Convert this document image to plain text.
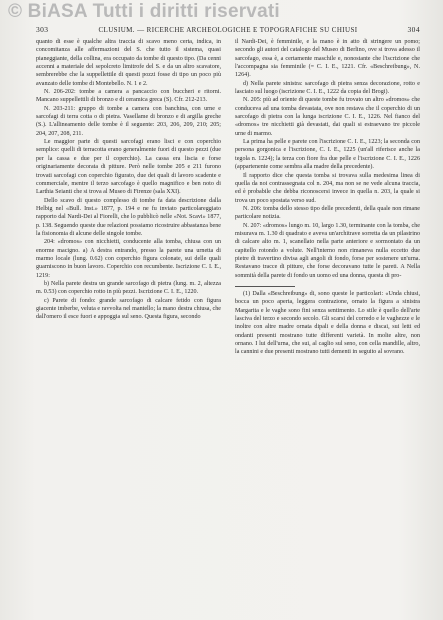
© BiASA Tutti i diritti riservati
303	CLUSIUM. — RICERCHE ARCHEOLOGICHE E TOPOGRAFICHE SU CHIUSI	304

quanto di esse è qualche altra traccia di scavo meno certa, indica, in concomitanza alle affermazioni del S. che tutto il sistema, quasi pianeggiante, della collina, era occupato da tombe di questo tipo. (Da cenni accenni a materiale del sepolcreto limitrofe del S. e da un altro scavatore, sembrerebbe che la suppellettile di questi pozzi fosse di tipo un poco più avanzato delle tombe di Montebello. N. 1 e 2.

N. 206-202: tombe a camera a pancaccio con buccheri e ritorni. Mancano suppellettili di bronzo e di ceramica greca (S). Cfr. 212-213.

N. 203-211: gruppo di tombe a camera con banchina, con urne e sarcofagi di terra cotta o di pietra. Vasellame di bronzo e di argilla greche (S.). L'allineamento delle tombe è il seguente: 203, 206, 209, 210; 205; 204, 207, 208, 211.

Le maggior parte di questi sarcofagi erano lisci e con coperchio semplice: quelli di terracotta erano generalmente fuori di questo pezzi (due per la cassa e due per il coperchio). La cassa era liscia e forse originariamente decorata di pitture. Però nelle tombe 205 e 211 furono trovati sarcofagi con coperchio figurato, due dei quali di lavoro scadente e commerciale, mentre il terzo sarcofago è quello magnifico e ben noto di Larthia Seianti che si trova al Museo di Firenze (sala XXI).

Dello scavo di questo complesso di tombe fa data descrizione dalla Helbig nel «Bull. Inst.» 1877, p. 194 e ne fu inviato particolareggiato rapporto dal Nardi-Dei al Fiorelli, che lo pubblicò nelle «Not. Scavi» 1877, p. 138. Seguendo queste due relazioni possiamo ricostruire abbastanza bene la fisionomia di alcune delle singole tombe.

204: «dromos» con nicchietti, conducente alla tomba, chiusa con un enorme macigno. a) A destra entrando, presso la parete una urnetta di marmo locale (lung. 0.62) con coperchio figura colonate, sui delle quali guarniscono in buon lavoro. Coperchio con recumbente. Iscrizione C. I. E., 1219:

b) Nella parete destra un grande sarcofago di pietra (lung. m. 2, altezza m. 0.53) con coperchio rotto in più pezzi. Iscrizione C. I. E., 1220.

c) Parete di fondo: grande sarcofago di calcare fetido con figura giacente imberbe, veluta e ravvolta nel mantello; la mano destra chiusa, che dall'omero il esce fuori e appoggia sul seno. Questa figura, secondo

il Nardi-Dei, è femminile, e la mano è in atto di stringere un pomo; secondo gli autori del catalogo del Museo di Berlino, ove si trova adesso il sarcofago, essa è, a certamente maschile e, nonostante che l'iscrizione che l'accompagna sia femminile (= C. I. E., 1221. Cfr. «Beschreibung», N. 1264).

d) Nella parete sinistra: sarcofago di pietra senza decorazione, rotto e lasciato sul luogo (iscrizione C. I. E., 1222 da copia del Brogi).

N. 205: più ad oriente di queste tombe fu trovato un altro «dromos» che conduceva ad una tomba devastata, ove non restava che il coperchio di un sarcofago di pietra con la lunga iscrizione C. I. E., 1226. Nel fianco del «dromos» tre nicchietti già devastati, dai quali si estraevano tre piccole urne di marmo.

La prima ha pelle e parete con l'iscrizione C. I. E., 1223; la seconda con persona gorgonica e l'iscrizione, C. I. E., 1225 (un'all riferisce anche la tegola n. 1224); la terza con fiore fra due pelle e l'iscrizione C. I. E., 1226 (appartenente come sembra alla madre della precedente).

Il rapporto dice che questa tomba si trovava sulla medesima linea di quella da noi contrassegnata col n. 204, ma non se ne vede alcuna traccia, ed è probabile che debba riconoscersi invece in quella n. 203, la quale si trova un poco spostata verso sud.

N. 206: tomba dello stesso tipo delle precedenti, della quale non rimane particolare notizia.

N. 207: «dromos» lungo m. 10, largo 1.30, terminante con la tomba, che misurava m. 1.30 di quadrato e aveva un'architrave sorretta da un pilastrino di calcare alto m. 1, scanellato nella parte anteriore e sormontato da un capitello rotondo a volute. Nell'interno non rimaneva nulla eccetto due pietre di travertino divisa agli angoli di fondo, forse per sostenere un'urna. Restavano tracce di pitture, che forse decoravano tutte le pareti. A Nella sommità della parete di fondo un uomo ed una donna, questa di pro-

(1) Dalla «Beschreibung» di, sono queste le particolari: «Unda chiusi, bocca un poco aperta, leggera contrazione, ornato la figura a sinistra Margarita e le vaghe sono fini senza sentimento. Lo stile è quello dell'arte lasciva del terzo e secondo secolo. Gli scarsi del corredo e le vaghezze e le inoltre con altre madre ornata dipali e della donna e discai, sui letti ed ondanti presenti mostrano tutte differenti varietà. In molte altre, non ornano. I lui dell'urna, che sui, al caglio sul seno, con cella mandille, altro, la cannini e due presenti mostrano tutti dementi in seguito al sovrano.
